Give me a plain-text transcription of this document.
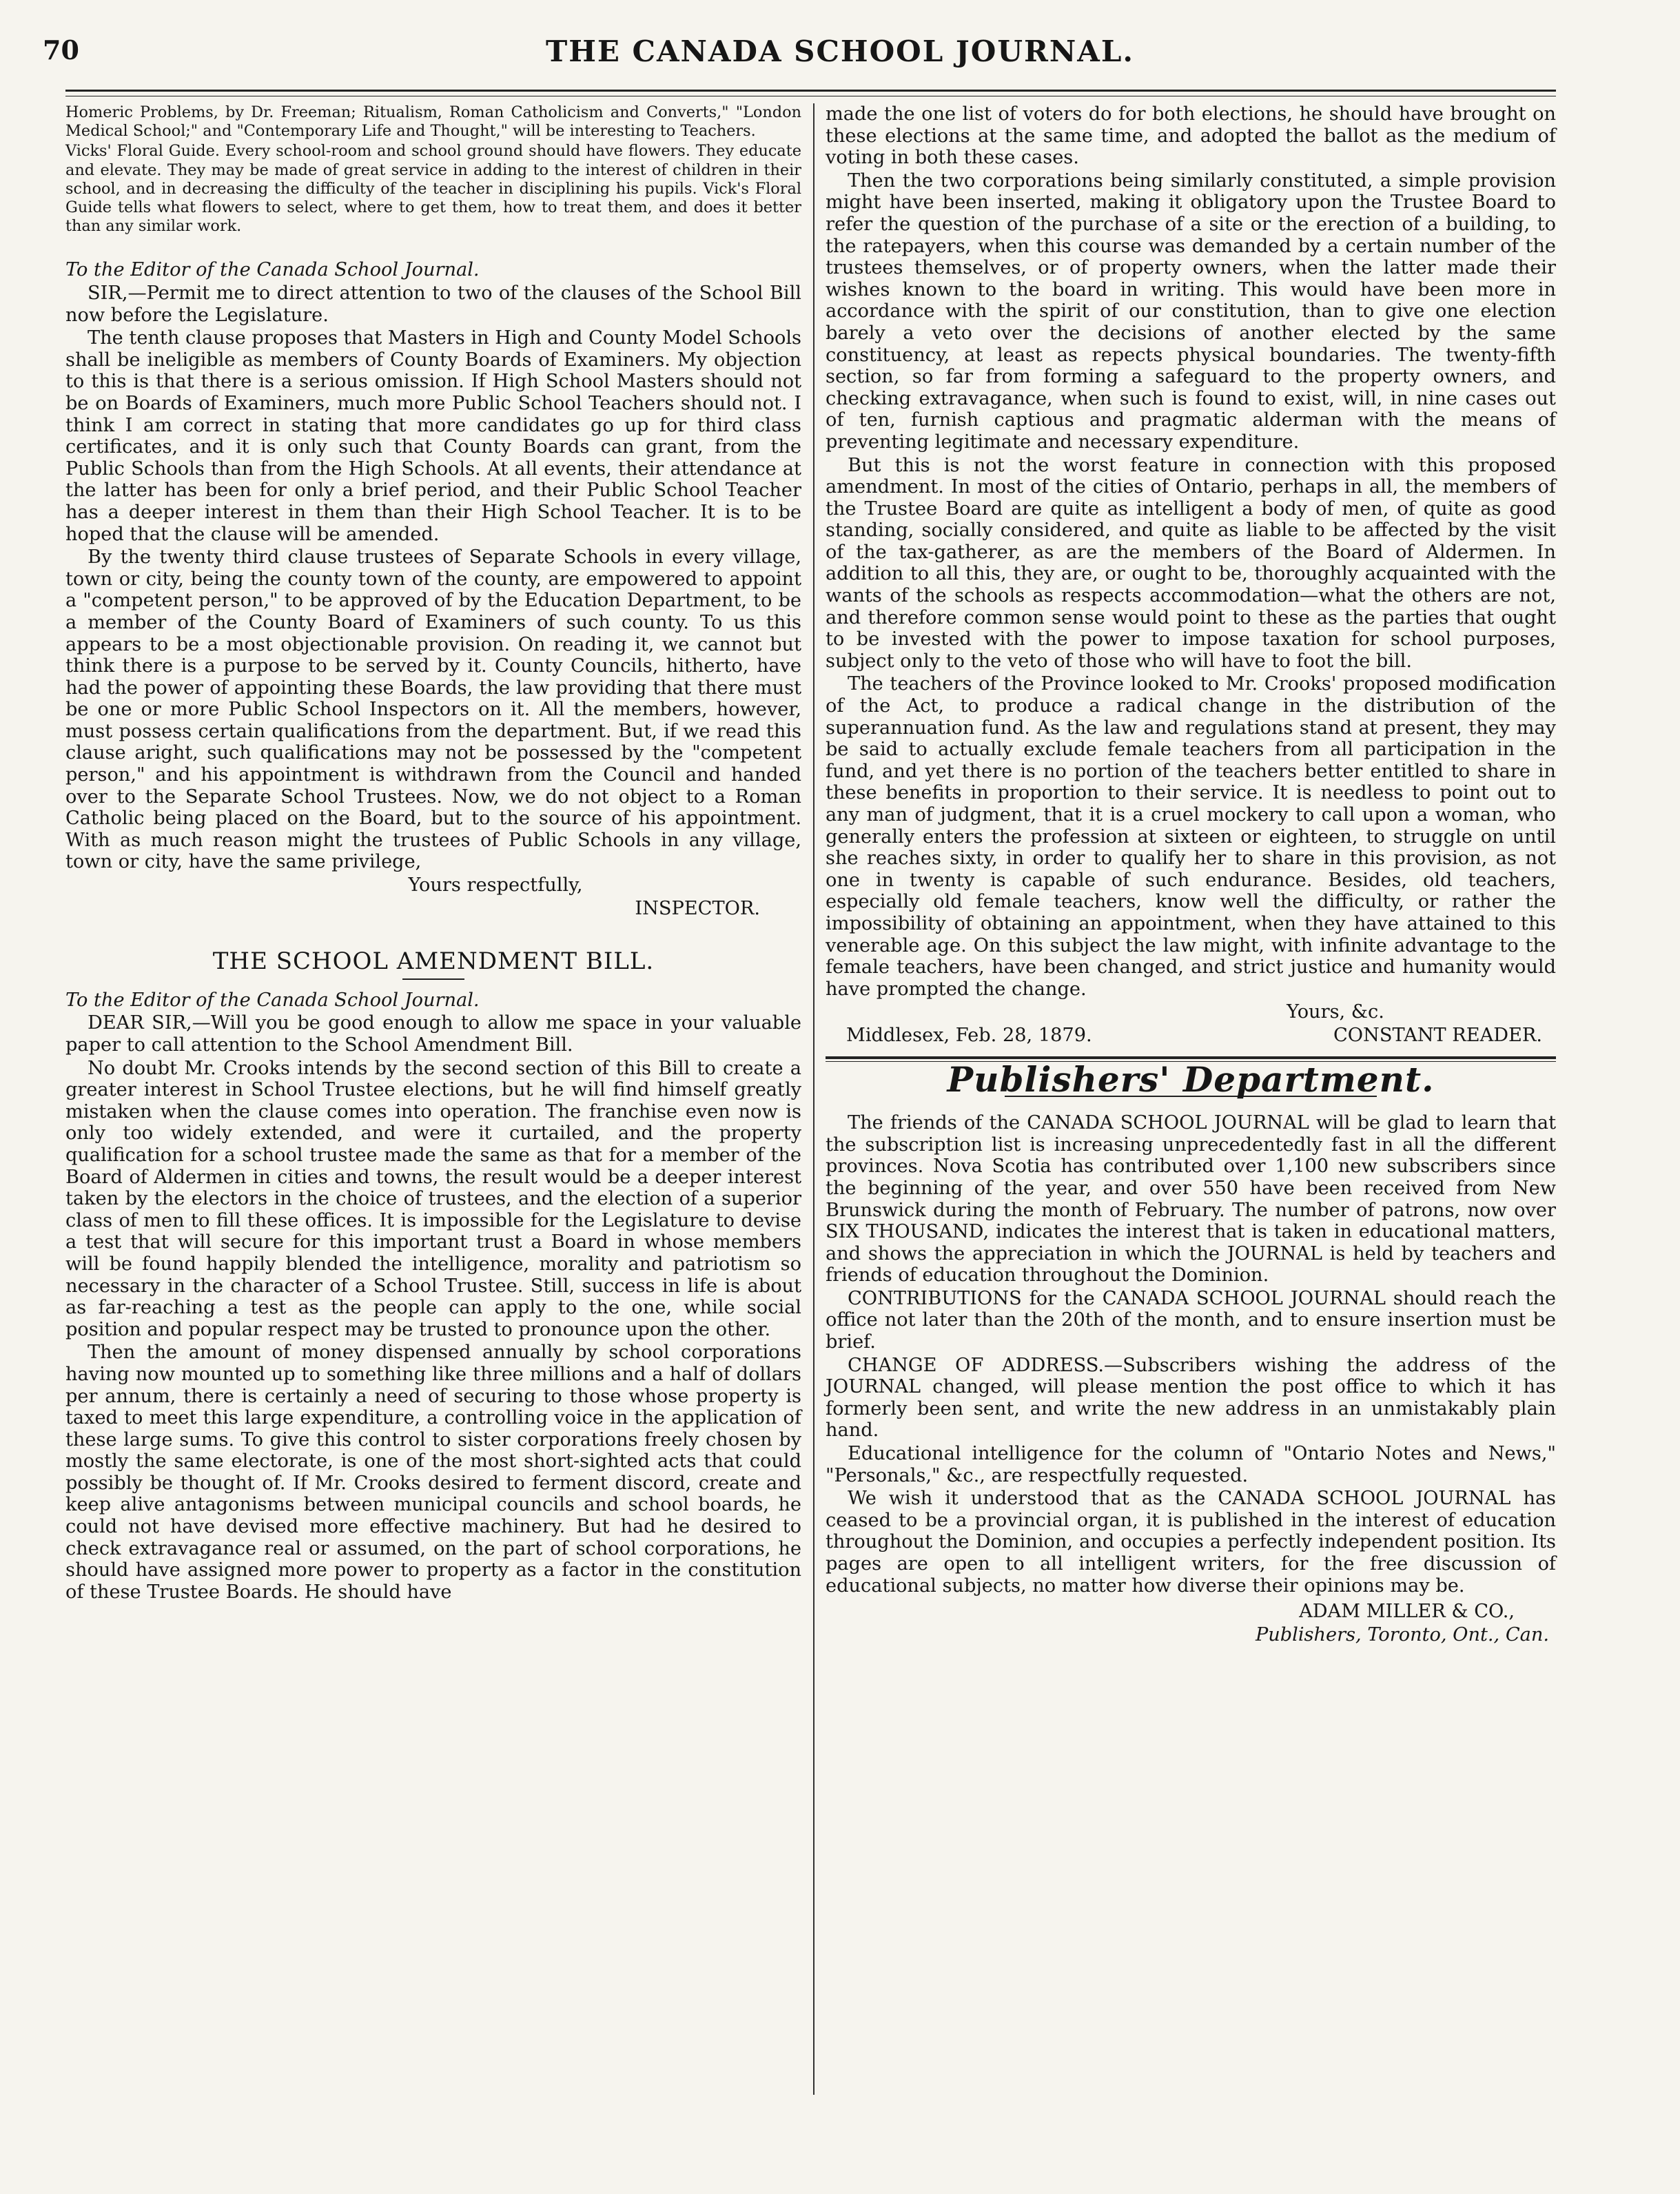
70	THE CANADA SCHOOL JOURNAL.

Homeric Problems, by Dr. Freeman; Ritualism, Roman Catholicism and Converts," "London Medical School;" and "Contemporary Life and Thought," will be interesting to Teachers.

Vicks' Floral Guide. Every school-room and school ground should have flowers. They educate and elevate. They may be made of great service in adding to the interest of children in their school, and in decreasing the difficulty of the teacher in disciplining his pupils. Vick's Floral Guide tells what flowers to select, where to get them, how to treat them, and does it better than any similar work.

To the Editor of the Canada School Journal.

SIR,—Permit me to direct attention to two of the clauses of the School Bill now before the Legislature.

The tenth clause proposes that Masters in High and County Model Schools shall be ineligible as members of County Boards of Examiners. My objection to this is that there is a serious omission. If High School Masters should not be on Boards of Examiners, much more Public School Teachers should not. I think I am correct in stating that more candidates go up for third class certificates, and it is only such that County Boards can grant, from the Public Schools than from the High Schools. At all events, their attendance at the latter has been for only a brief period, and their Public School Teacher has a deeper interest in them than their High School Teacher. It is to be hoped that the clause will be amended.

By the twenty third clause trustees of Separate Schools in every village, town or city, being the county town of the county, are empowered to appoint a "competent person," to be approved of by the Education Department, to be a member of the County Board of Examiners of such county. To us this appears to be a most objectionable provision. On reading it, we cannot but think there is a purpose to be served by it. County Councils, hitherto, have had the power of appointing these Boards, the law providing that there must be one or more Public School Inspectors on it. All the members, however, must possess certain qualifications from the department. But, if we read this clause aright, such qualifications may not be possessed by the "competent person," and his appointment is withdrawn from the Council and handed over to the Separate School Trustees. Now, we do not object to a Roman Catholic being placed on the Board, but to the source of his appointment. With as much reason might the trustees of Public Schools in any village, town or city, have the same privilege,

Yours respectfully,

INSPECTOR.

THE SCHOOL AMENDMENT BILL.

To the Editor of the Canada School Journal.

DEAR SIR,—Will you be good enough to allow me space in your valuable paper to call attention to the School Amendment Bill.

No doubt Mr. Crooks intends by the second section of this Bill to create a greater interest in School Trustee elections, but he will find himself greatly mistaken when the clause comes into operation. The franchise even now is only too widely extended, and were it curtailed, and the property qualification for a school trustee made the same as that for a member of the Board of Aldermen in cities and towns, the result would be a deeper interest taken by the electors in the choice of trustees, and the election of a superior class of men to fill these offices. It is impossible for the Legislature to devise a test that will secure for this important trust a Board in whose members will be found happily blended the intelligence, morality and patriotism so necessary in the character of a School Trustee. Still, success in life is about as far-reaching a test as the people can apply to the one, while social position and popular respect may be trusted to pronounce upon the other.

Then the amount of money dispensed annually by school corporations having now mounted up to something like three millions and a half of dollars per annum, there is certainly a need of securing to those whose property is taxed to meet this large expenditure, a controlling voice in the application of these large sums. To give this control to sister corporations freely chosen by mostly the same electorate, is one of the most short-sighted acts that could possibly be thought of. If Mr. Crooks desired to ferment discord, create and keep alive antagonisms between municipal councils and school boards, he could not have devised more effective machinery. But had he desired to check extravagance real or assumed, on the part of school corporations, he should have assigned more power to property as a factor in the constitution of these Trustee Boards. He should have

made the one list of voters do for both elections, he should have brought on these elections at the same time, and adopted the ballot as the medium of voting in both these cases.

Then the two corporations being similarly constituted, a simple provision might have been inserted, making it obligatory upon the Trustee Board to refer the question of the purchase of a site or the erection of a building, to the ratepayers, when this course was demanded by a certain number of the trustees themselves, or of property owners, when the latter made their wishes known to the board in writing. This would have been more in accordance with the spirit of our constitution, than to give one election barely a veto over the decisions of another elected by the same constituency, at least as repects physical boundaries. The twenty-fifth section, so far from forming a safeguard to the property owners, and checking extravagance, when such is found to exist, will, in nine cases out of ten, furnish captious and pragmatic alderman with the means of preventing legitimate and necessary expenditure.

But this is not the worst feature in connection with this proposed amendment. In most of the cities of Ontario, perhaps in all, the members of the Trustee Board are quite as intelligent a body of men, of quite as good standing, socially considered, and quite as liable to be affected by the visit of the tax-gatherer, as are the members of the Board of Aldermen. In addition to all this, they are, or ought to be, thoroughly acquainted with the wants of the schools as respects accommodation—what the others are not, and therefore common sense would point to these as the parties that ought to be invested with the power to impose taxation for school purposes, subject only to the veto of those who will have to foot the bill.

The teachers of the Province looked to Mr. Crooks' proposed modification of the Act, to produce a radical change in the distribution of the superannuation fund. As the law and regulations stand at present, they may be said to actually exclude female teachers from all participation in the fund, and yet there is no portion of the teachers better entitled to share in these benefits in proportion to their service. It is needless to point out to any man of judgment, that it is a cruel mockery to call upon a woman, who generally enters the profession at sixteen or eighteen, to struggle on until she reaches sixty, in order to qualify her to share in this provision, as not one in twenty is capable of such endurance. Besides, old teachers, especially old female teachers, know well the difficulty, or rather the impossibility of obtaining an appointment, when they have attained to this venerable age. On this subject the law might, with infinite advantage to the female teachers, have been changed, and strict justice and humanity would have prompted the change.

Yours, &c.

Middlesex, Feb. 28, 1879.	CONSTANT READER.
Publishers' Department.

The friends of the CANADA SCHOOL JOURNAL will be glad to learn that the subscription list is increasing unprecedentedly fast in all the different provinces. Nova Scotia has contributed over 1,100 new subscribers since the beginning of the year, and over 550 have been received from New Brunswick during the month of February. The number of patrons, now over SIX THOUSAND, indicates the interest that is taken in educational matters, and shows the appreciation in which the JOURNAL is held by teachers and friends of education throughout the Dominion.

CONTRIBUTIONS for the CANADA SCHOOL JOURNAL should reach the office not later than the 20th of the month, and to ensure insertion must be brief.

CHANGE OF ADDRESS.—Subscribers wishing the address of the JOURNAL changed, will please mention the post office to which it has formerly been sent, and write the new address in an unmistakably plain hand.

Educational intelligence for the column of "Ontario Notes and News," "Personals," &c., are respectfully requested.

We wish it understood that as the CANADA SCHOOL JOURNAL has ceased to be a provincial organ, it is published in the interest of education throughout the Dominion, and occupies a perfectly independent position. Its pages are open to all intelligent writers, for the free discussion of educational subjects, no matter how diverse their opinions may be.

ADAM MILLER & CO.,

Publishers, Toronto, Ont., Can.
